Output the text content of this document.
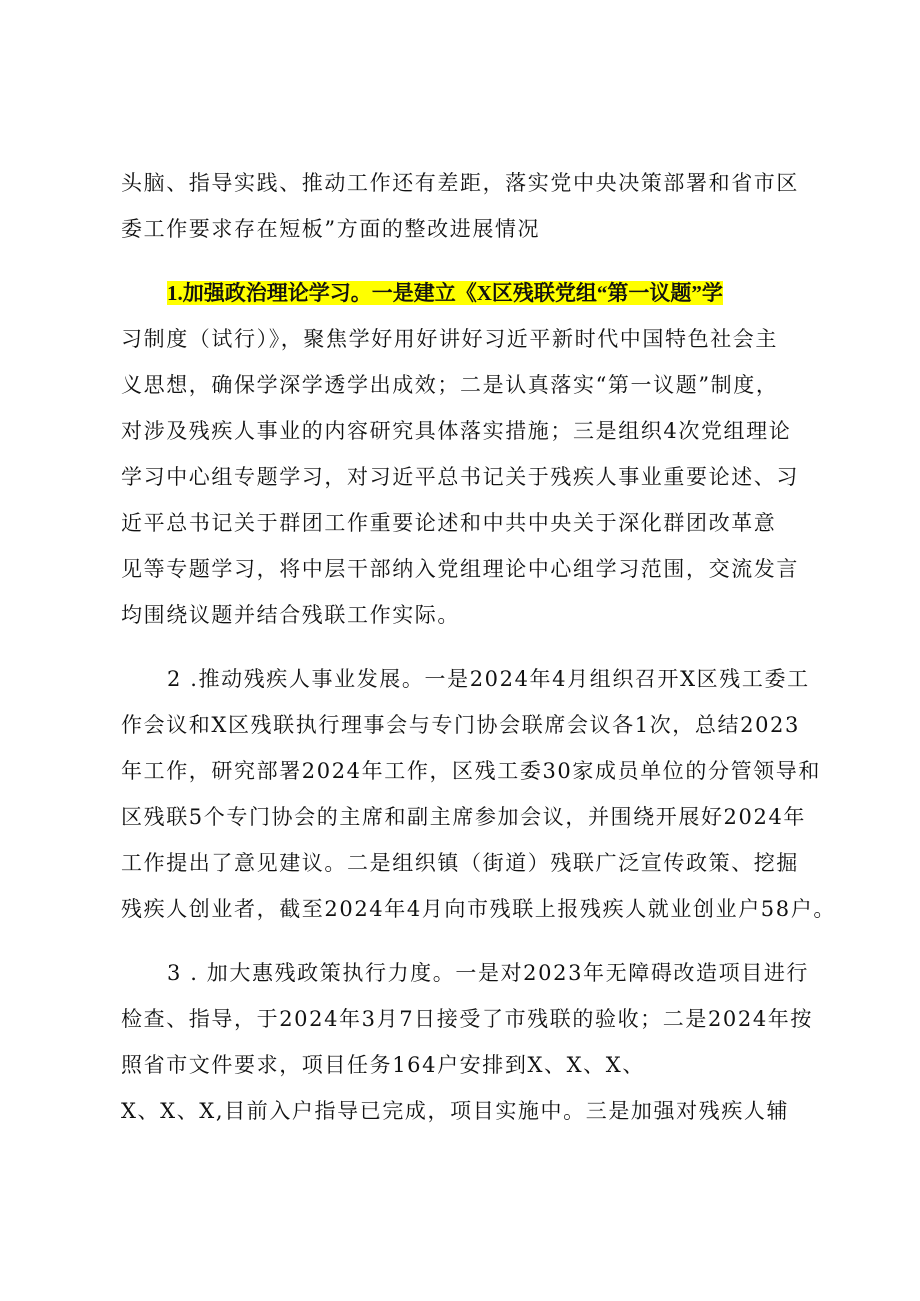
头脑、指导实践、推动工作还有差距，落实党中央决策部署和省市区
委工作要求存在短板”方面的整改进展情况
1.加强政治理论学习。一是建立《X区残联党组“第一议题”学
习制度（试行）》，聚焦学好用好讲好习近平新时代中国特色社会主
义思想，确保学深学透学出成效；二是认真落实“第一议题”制度，
对涉及残疾人事业的内容研究具体落实措施；三是组织4次党组理论
学习中心组专题学习，对习近平总书记关于残疾人事业重要论述、习
近平总书记关于群团工作重要论述和中共中央关于深化群团改革意
见等专题学习，将中层干部纳入党组理论中心组学习范围，交流发言
均围绕议题并结合残联工作实际。
2 .推动残疾人事业发展。一是2024年4月组织召开X区残工委工
作会议和X区残联执行理事会与专门协会联席会议各1次，总结2023
年工作，研究部署2024年工作，区残工委30家成员单位的分管领导和
区残联5个专门协会的主席和副主席参加会议，并围绕开展好2024年
工作提出了意见建议。二是组织镇（街道）残联广泛宣传政策、挖掘
残疾人创业者，截至2024年4月向市残联上报残疾人就业创业户58户。
3 . 加大惠残政策执行力度。一是对2023年无障碍改造项目进行
检查、指导，于2024年3月7日接受了市残联的验收；二是2024年按
照省市文件要求，项目任务164户安排到X、X、X、
X、X、X,目前入户指导已完成，项目实施中。三是加强对残疾人辅
